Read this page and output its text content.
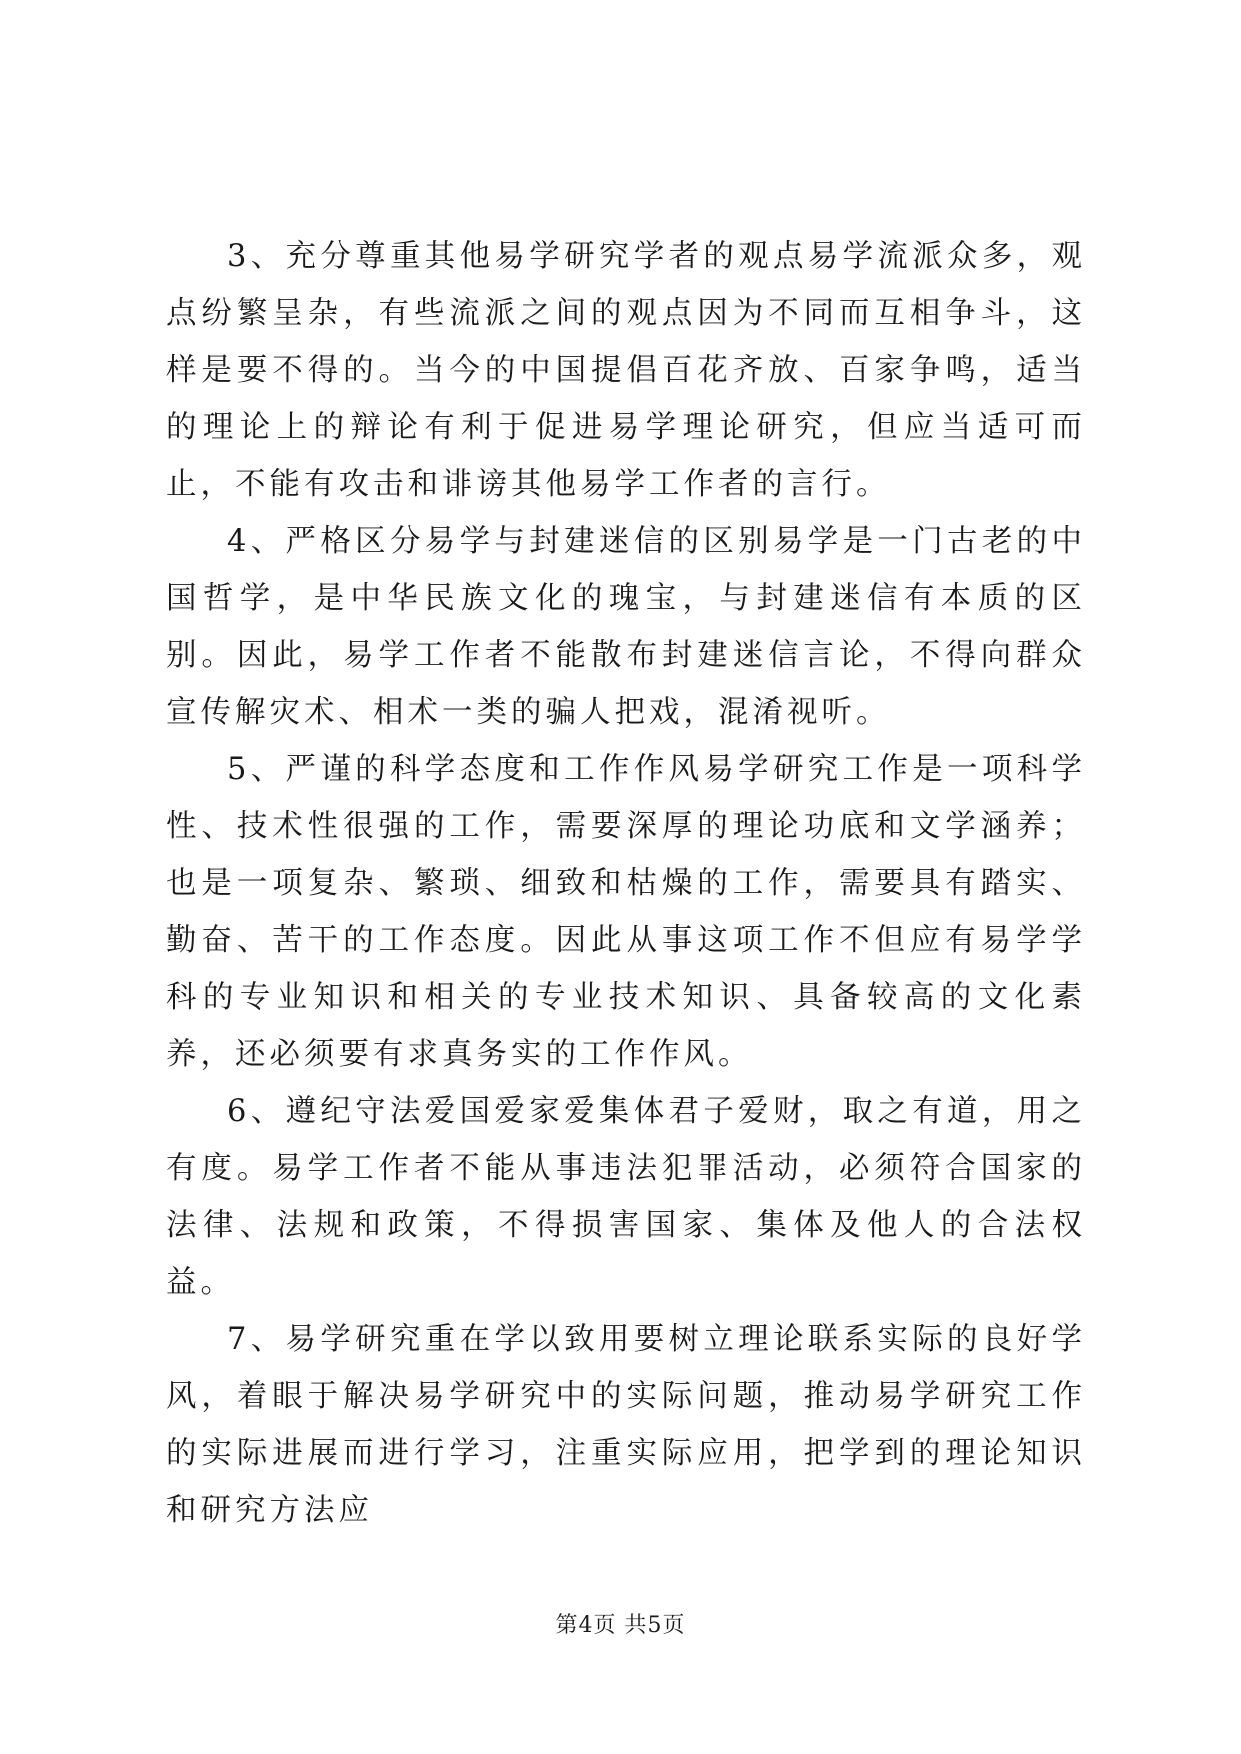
3、充分尊重其他易学研究学者的观点易学流派众多，观点纷繁呈杂，有些流派之间的观点因为不同而互相争斗，这样是要不得的。当今的中国提倡百花齐放、百家争鸣，适当的理论上的辩论有利于促进易学理论研究，但应当适可而止，不能有攻击和诽谤其他易学工作者的言行。

4、严格区分易学与封建迷信的区别易学是一门古老的中国哲学，是中华民族文化的瑰宝，与封建迷信有本质的区别。因此，易学工作者不能散布封建迷信言论，不得向群众宣传解灾术、相术一类的骗人把戏，混淆视听。

5、严谨的科学态度和工作作风易学研究工作是一项科学性、技术性很强的工作，需要深厚的理论功底和文学涵养；也是一项复杂、繁琐、细致和枯燥的工作，需要具有踏实、勤奋、苦干的工作态度。因此从事这项工作不但应有易学学科的专业知识和相关的专业技术知识、具备较高的文化素养，还必须要有求真务实的工作作风。

6、遵纪守法爱国爱家爱集体君子爱财，取之有道，用之有度。易学工作者不能从事违法犯罪活动，必须符合国家的法律、法规和政策，不得损害国家、集体及他人的合法权益。

7、易学研究重在学以致用要树立理论联系实际的良好学风，着眼于解决易学研究中的实际问题，推动易学研究工作的实际进展而进行学习，注重实际应用，把学到的理论知识和研究方法应

第4页 共5页
